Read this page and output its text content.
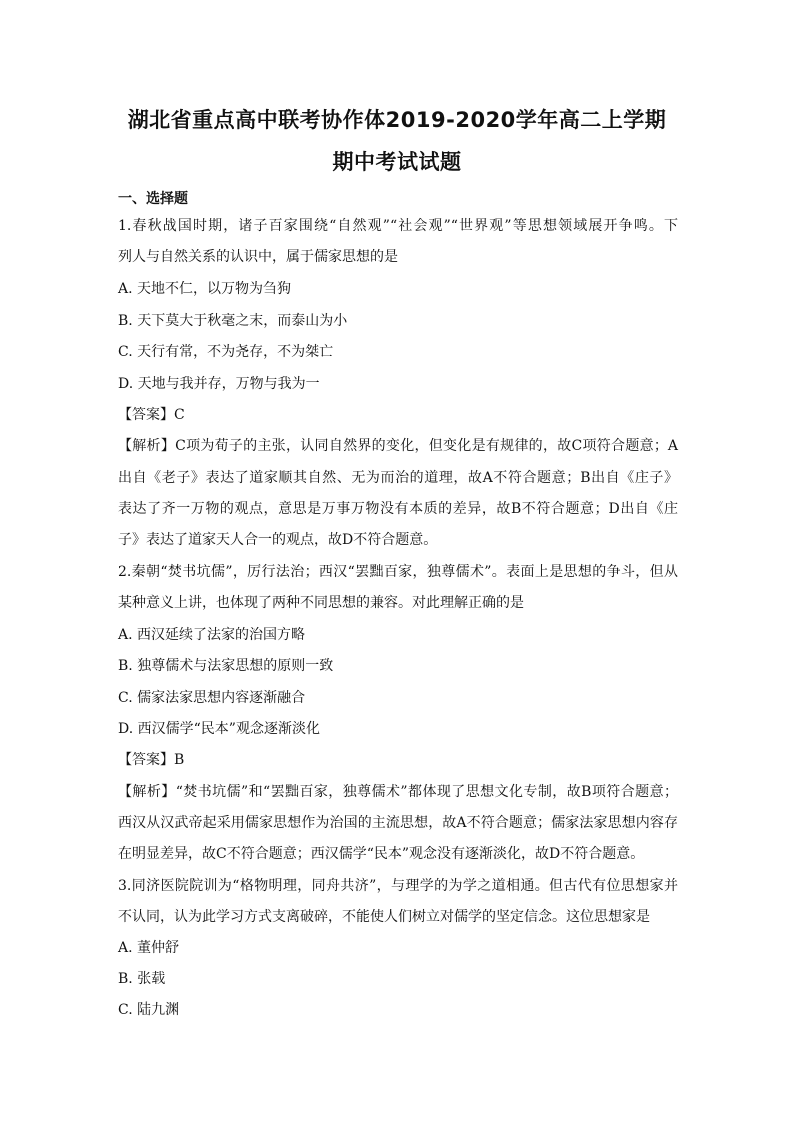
湖北省重点高中联考协作体2019-2020学年高二上学期
期中考试试题
一、选择题
1.春秋战国时期，诸子百家围绕“自然观”“社会观”“世界观”等思想领域展开争鸣。下
列人与自然关系的认识中，属于儒家思想的是
A. 天地不仁，以万物为刍狗
B. 天下莫大于秋毫之末，而泰山为小
C. 天行有常，不为尧存，不为桀亡
D. 天地与我并存，万物与我为一
【答案】C
【解析】C项为荀子的主张，认同自然界的变化，但变化是有规律的，故C项符合题意；A
出自《老子》表达了道家顺其自然、无为而治的道理，故A不符合题意；B出自《庄子》
表达了齐一万物的观点，意思是万事万物没有本质的差异，故B不符合题意；D出自《庄
子》表达了道家天人合一的观点，故D不符合题意。
2.秦朝“焚书坑儒”，厉行法治；西汉“罢黜百家，独尊儒术”。表面上是思想的争斗，但从
某种意义上讲，也体现了两种不同思想的兼容。对此理解正确的是
A. 西汉延续了法家的治国方略
B. 独尊儒术与法家思想的原则一致
C. 儒家法家思想内容逐渐融合
D. 西汉儒学“民本”观念逐渐淡化
【答案】B
【解析】“焚书坑儒”和“罢黜百家，独尊儒术”都体现了思想文化专制，故B项符合题意；
西汉从汉武帝起采用儒家思想作为治国的主流思想，故A不符合题意；儒家法家思想内容存
在明显差异，故C不符合题意；西汉儒学“民本”观念没有逐渐淡化，故D不符合题意。
3.同济医院院训为“格物明理，同舟共济”，与理学的为学之道相通。但古代有位思想家并
不认同，认为此学习方式支离破碎，不能使人们树立对儒学的坚定信念。这位思想家是
A. 董仲舒
B. 张载
C. 陆九渊
